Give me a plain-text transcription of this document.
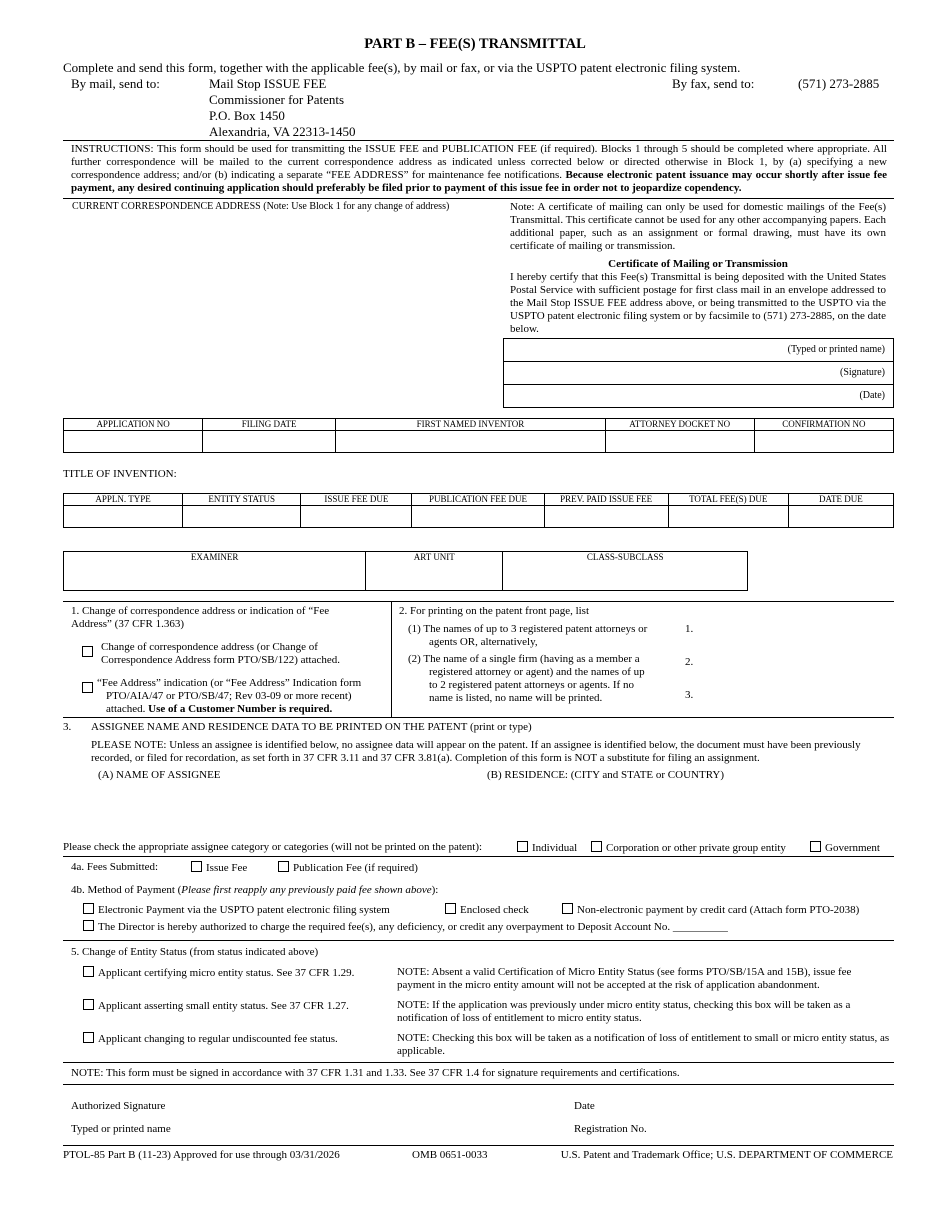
PART B – FEE(S) TRANSMITTAL
Complete and send this form, together with the applicable fee(s), by mail or fax, or via the USPTO patent electronic filing system.
By mail, send to:	Mail Stop ISSUE FEE
Commissioner for Patents
P.O. Box 1450
Alexandria, VA 22313-1450
By fax, send to:	(571) 273-2885
INSTRUCTIONS: This form should be used for transmitting the ISSUE FEE and PUBLICATION FEE (if required). Blocks 1 through 5 should be completed where appropriate. All further correspondence will be mailed to the current correspondence address as indicated unless corrected below or directed otherwise in Block 1, by (a) specifying a new correspondence address; and/or (b) indicating a separate “FEE ADDRESS” for maintenance fee notifications. Because electronic patent issuance may occur shortly after issue fee payment, any desired continuing application should preferably be filed prior to payment of this issue fee in order not to jeopardize copendency.
CURRENT CORRESPONDENCE ADDRESS (Note: Use Block 1 for any change of address)	Note: A certificate of mailing can only be used for domestic mailings of the Fee(s) Transmittal. This certificate cannot be used for any other accompanying papers. Each additional paper, such as an assignment or formal drawing, must have its own certificate of mailing or transmission.
Certificate of Mailing or Transmission
I hereby certify that this Fee(s) Transmittal is being deposited with the United States Postal Service with sufficient postage for first class mail in an envelope addressed to the Mail Stop ISSUE FEE address above, or being transmitted to the USPTO via the USPTO patent electronic filing system or by facsimile to (571) 273-2885, on the date below.
(Typed or printed name)
(Signature)
(Date)
APPLICATION NO	FILING DATE	FIRST NAMED INVENTOR	ATTORNEY DOCKET NO	CONFIRMATION NO

TITLE OF INVENTION:
APPLN. TYPE	ENTITY STATUS	ISSUE FEE DUE	PUBLICATION FEE DUE	PREV. PAID ISSUE FEE	TOTAL FEE(S) DUE	DATE DUE

EXAMINER	ART UNIT	CLASS-SUBCLASS
1. Change of correspondence address or indication of “Fee
Address” (37 CFR 1.363)
Change of correspondence address (or Change of
Correspondence Address form PTO/SB/122) attached.
“Fee Address” indication (or “Fee Address” Indication form
PTO/AIA/47 or PTO/SB/47; Rev 03-09 or more recent)
attached. Use of a Customer Number is required.
2. For printing on the patent front page, list
(1) The names of up to 3 registered patent attorneys or
agents OR, alternatively,
(2) The name of a single firm (having as a member a
registered attorney or agent) and the names of up
to 2 registered patent attorneys or agents. If no
name is listed, no name will be printed.
1.
2.
3.
3. ASSIGNEE NAME AND RESIDENCE DATA TO BE PRINTED ON THE PATENT (print or type)
PLEASE NOTE: Unless an assignee is identified below, no assignee data will appear on the patent. If an assignee is identified below, the document must have been previously recorded, or filed for recordation, as set forth in 37 CFR 3.11 and 37 CFR 3.81(a). Completion of this form is NOT a substitute for filing an assignment.
(A) NAME OF ASSIGNEE	(B) RESIDENCE: (CITY and STATE or COUNTRY)
Please check the appropriate assignee category or categories (will not be printed on the patent):	Individual	Corporation or other private group entity	Government
4a. Fees Submitted:	Issue Fee	Publication Fee (if required)
4b. Method of Payment (Please first reapply any previously paid fee shown above):
Electronic Payment via the USPTO patent electronic filing system	Enclosed check	Non-electronic payment by credit card (Attach form PTO-2038)
The Director is hereby authorized to charge the required fee(s), any deficiency, or credit any overpayment to Deposit Account No. __________
5. Change of Entity Status (from status indicated above)
Applicant certifying micro entity status. See 37 CFR 1.29.	NOTE: Absent a valid Certification of Micro Entity Status (see forms PTO/SB/15A and 15B), issue fee payment in the micro entity amount will not be accepted at the risk of application abandonment.
Applicant asserting small entity status. See 37 CFR 1.27.	NOTE: If the application was previously under micro entity status, checking this box will be taken as a notification of loss of entitlement to micro entity status.
Applicant changing to regular undiscounted fee status.	NOTE: Checking this box will be taken as a notification of loss of entitlement to small or micro entity status, as applicable.
NOTE: This form must be signed in accordance with 37 CFR 1.31 and 1.33. See 37 CFR 1.4 for signature requirements and certifications.
Authorized Signature	Date
Typed or printed name	Registration No.
PTOL-85 Part B (11-23) Approved for use through 03/31/2026	OMB 0651-0033	U.S. Patent and Trademark Office; U.S. DEPARTMENT OF COMMERCE
